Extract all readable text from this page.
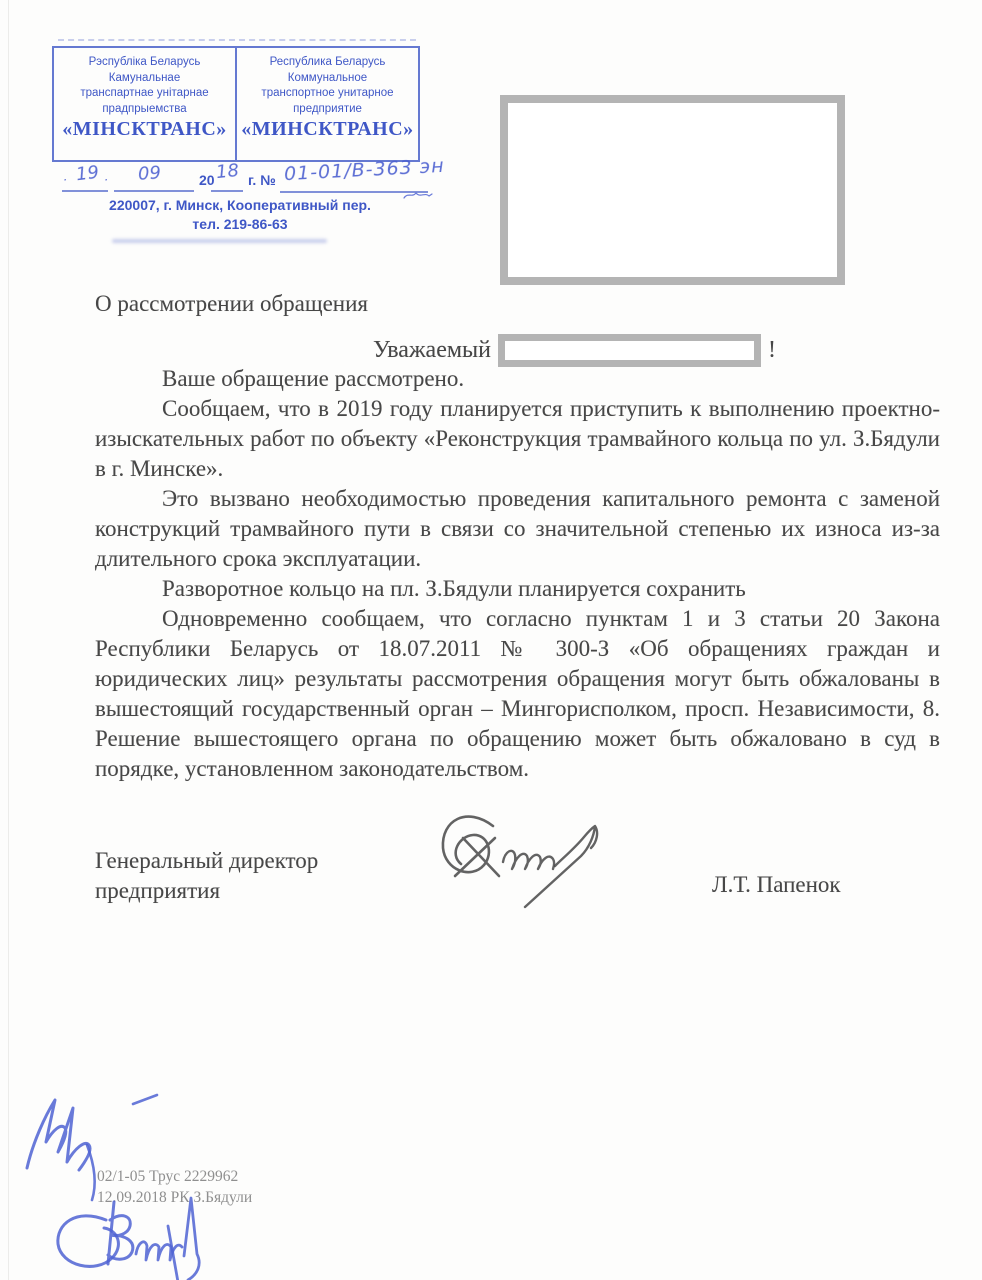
Рэспубліка Беларусь
Камунальнае
транспартнае унітарнае
прадпрыемства
«МІНСКТРАНС»
Республика Беларусь
Коммунальное
транспортное унитарное
предприятие
«МИНСКТРАНС»
· 19 · 09	20 18 г. № 01-01/В-363 эн
220007, г. Минск, Кооперативный пер.
тел. 219-86-63
О рассмотрении обращения
Уважаемый	!

Ваше обращение рассмотрено.

Сообщаем, что в 2019 году планируется приступить к выполнению проектно-изыскательных работ по объекту «Реконструкция трамвайного кольца по ул. З.Бядули в г. Минске».

Это вызвано необходимостью проведения капитального ремонта с заменой конструкций трамвайного пути в связи со значительной степенью их износа из-за длительного срока эксплуатации.

Разворотное кольцо на пл. З.Бядули планируется сохранить

Одновременно сообщаем, что согласно пунктам 1 и 3 статьи 20 Закона Республики Беларусь от 18.07.2011 № 300-З «Об обращениях граждан и юридических лиц» результаты рассмотрения обращения могут быть обжалованы в вышестоящий государственный орган – Мингорисполком, просп. Независимости, 8. Решение вышестоящего органа по обращению может быть обжаловано в суд в порядке, установленном законодательством.

Генеральный директор
предприятия	Л.Т. Папенок
02/1-05 Трус 2229962
12.09.2018 РК З.Бядули
